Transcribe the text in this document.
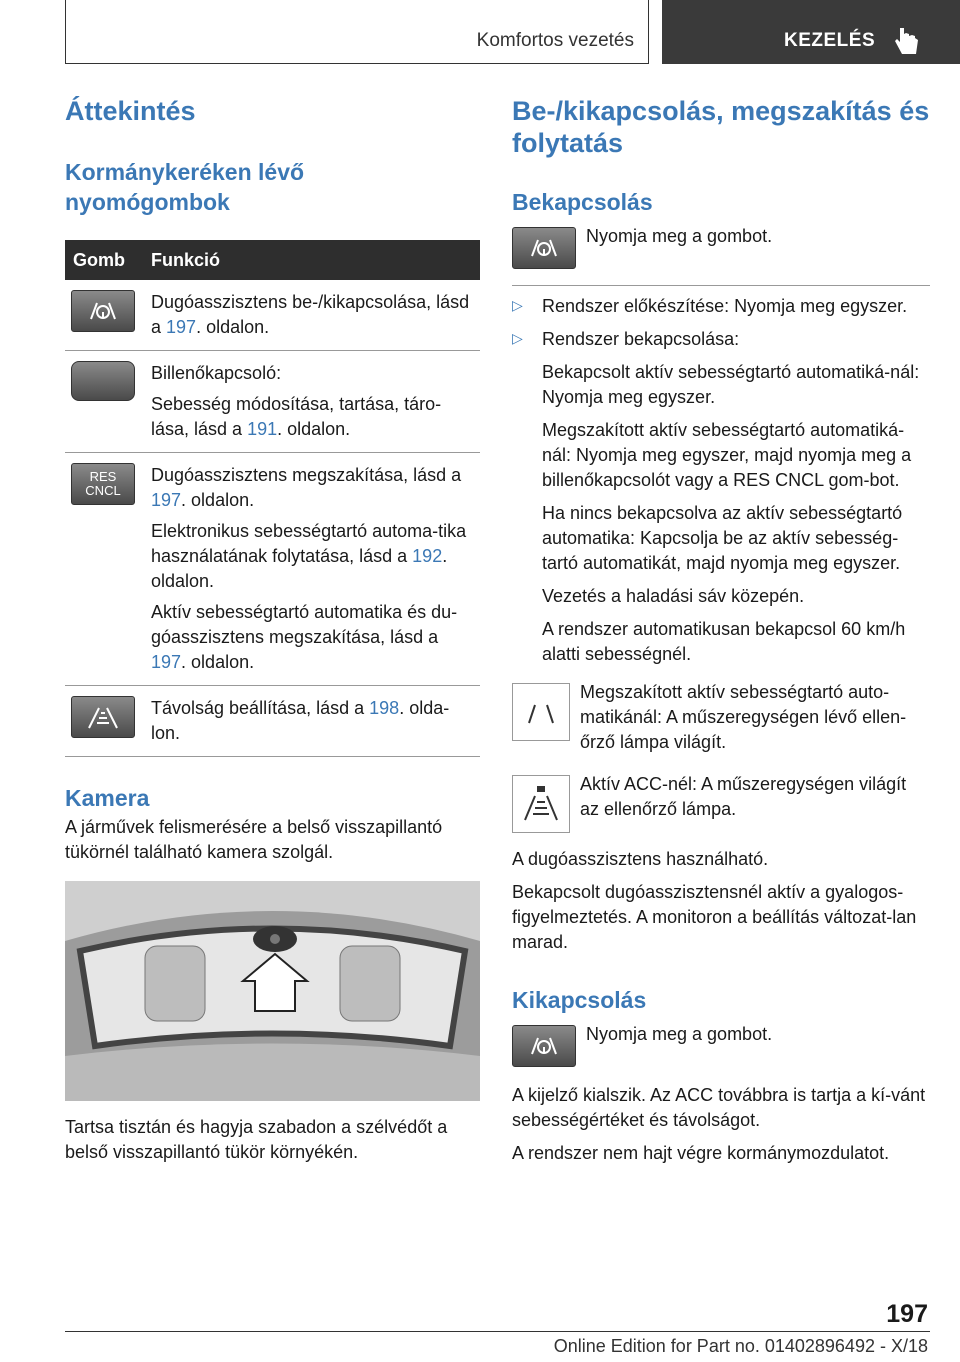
Komfortos vezetés	KEZELÉS
Áttekintés
Kormánykeréken lévő nyomógombok
Gomb	Funkció

	Dugóasszisztens be-/kikapcsolása, lásd a 197. oldalon.

	Billenőkapcsoló:
Sebesség módosítása, tartása, táro-lása, lásd a 191. oldalon.

RES CNCL	Dugóasszisztens megszakítása, lásd a 197. oldalon.
Elektronikus sebességtartó automa-tika használatának folytatása, lásd a 192. oldalon.
Aktív sebességtartó automatika és du-góasszisztens megszakítása, lásd a 197. oldalon.

	Távolság beállítása, lásd a 198. olda-lon.
Kamera

A járművek felismerésére a belső visszapillantó tükörnél található kamera szolgál.

Tartsa tisztán és hagyja szabadon a szélvédőt a belső visszapillantó tükör környékén.

Be-/kikapcsolás, megszakítás és folytatás
Bekapcsolás

Nyomja meg a gombot.

▷	Rendszer előkészítése: Nyomja meg egyszer.

▷	Rendszer bekapcsolása:

Bekapcsolt aktív sebességtartó automatiká-nál: Nyomja meg egyszer.

Megszakított aktív sebességtartó automatiká-nál: Nyomja meg egyszer, majd nyomja meg a billenőkapcsolót vagy a RES CNCL gom-bot.

Ha nincs bekapcsolva az aktív sebességtartó automatika: Kapcsolja be az aktív sebesség-tartó automatikát, majd nyomja meg egyszer.

Vezetés a haladási sáv közepén.

A rendszer automatikusan bekapcsol 60 km/h alatti sebességnél.

Megszakított aktív sebességtartó auto-matikánál: A műszeregységen lévő ellen-őrző lámpa világít.

Aktív ACC-nél: A műszeregységen világít az ellenőrző lámpa.

A dugóasszisztens használható.

Bekapcsolt dugóasszisztensnél aktív a gyalogos-figyelmeztetés. A monitoron a beállítás változat-lan marad.

Kikapcsolás

Nyomja meg a gombot.

A kijelző kialszik. Az ACC továbbra is tartja a kí-vánt sebességértéket és távolságot.

A rendszer nem hajt végre kormánymozdulatot.

197
Online Edition for Part no. 01402896492 - X/18
